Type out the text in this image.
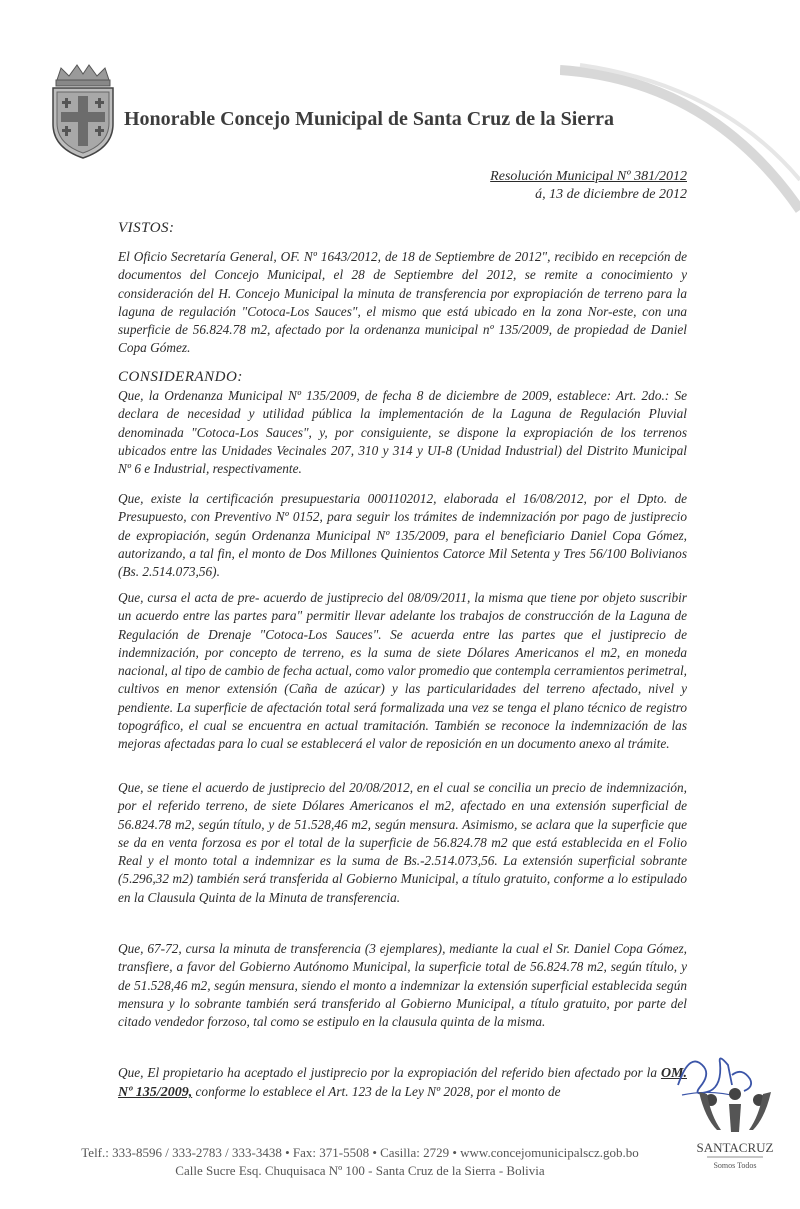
Honorable Concejo Municipal de Santa Cruz de la Sierra
Resolución Municipal Nº 381/2012
á, 13 de diciembre de 2012
VISTOS:

El Oficio Secretaría General, OF. Nº 1643/2012, de 18 de Septiembre de 2012", recibido en recepción de documentos del Concejo Municipal, el 28 de Septiembre del 2012, se remite a conocimiento y consideración del H. Concejo Municipal la minuta de transferencia por expropiación de terreno para la laguna de regulación "Cotoca-Los Sauces", el mismo que está ubicado en la zona Nor-este, con una superficie de 56.824.78 m2, afectado por la ordenanza municipal nº 135/2009, de propiedad de Daniel Copa Gómez.

CONSIDERANDO:

Que, la Ordenanza Municipal Nº 135/2009, de fecha 8 de diciembre de 2009, establece: Art. 2do.: Se declara de necesidad y utilidad pública la implementación de la Laguna de Regulación Pluvial denominada "Cotoca-Los Sauces", y, por consiguiente, se dispone la expropiación de los terrenos ubicados entre las Unidades Vecinales 207, 310 y 314 y UI-8 (Unidad Industrial) del Distrito Municipal Nº 6 e Industrial, respectivamente.

Que, existe la certificación presupuestaria 0001102012, elaborada el 16/08/2012, por el Dpto. de Presupuesto, con Preventivo Nº 0152, para seguir los trámites de indemnización por pago de justiprecio de expropiación, según Ordenanza Municipal Nº 135/2009, para el beneficiario Daniel Copa Gómez, autorizando, a tal fin, el monto de Dos Millones Quinientos Catorce Mil Setenta y Tres 56/100 Bolivianos (Bs. 2.514.073,56).

Que, cursa el acta de pre- acuerdo de justiprecio del 08/09/2011, la misma que tiene por objeto suscribir un acuerdo entre las partes para" permitir llevar adelante los trabajos de construcción de la Laguna de Regulación de Drenaje "Cotoca-Los Sauces". Se acuerda entre las partes que el justiprecio de indemnización, por concepto de terreno, es la suma de siete Dólares Americanos el m2, en moneda nacional, al tipo de cambio de fecha actual, como valor promedio que contempla cerramientos perimetral, cultivos en menor extensión (Caña de azúcar) y las particularidades del terreno afectado, nivel y pendiente. La superficie de afectación total será formalizada una vez se tenga el plano técnico de registro topográfico, el cual se encuentra en actual tramitación. También se reconoce la indemnización de las mejoras afectadas para lo cual se establecerá el valor de reposición en un documento anexo al trámite.

Que, se tiene el acuerdo de justiprecio del 20/08/2012, en el cual se concilia un precio de indemnización, por el referido terreno, de siete Dólares Americanos el m2, afectado en una extensión superficial de 56.824.78 m2, según título, y de 51.528,46 m2, según mensura. Asimismo, se aclara que la superficie que se da en venta forzosa es por el total de la superficie de 56.824.78 m2 que está establecida en el Folio Real y el monto total a indemnizar es la suma de Bs.-2.514.073,56. La extensión superficial sobrante (5.296,32 m2) también será transferida al Gobierno Municipal, a título gratuito, conforme a lo estipulado en la Clausula Quinta de la Minuta de transferencia.

Que, 67-72, cursa la minuta de transferencia (3 ejemplares), mediante la cual el Sr. Daniel Copa Gómez, transfiere, a favor del Gobierno Autónomo Municipal, la superficie total de 56.824.78 m2, según título, y de 51.528,46 m2, según mensura, siendo el monto a indemnizar la extensión superficial establecida según mensura y lo sobrante también será transferido al Gobierno Municipal, a título gratuito, por parte del citado vendedor forzoso, tal como se estipulo en la clausula quinta de la misma.

Que, El propietario ha aceptado el justiprecio por la expropiación del referido bien afectado por la OM. Nº 135/2009, conforme lo establece el Art. 123 de la Ley Nº 2028, por el monto de

SANTACRUZ
Somos Todos
Telf.: 333-8596 / 333-2783 / 333-3438 • Fax: 371-5508 • Casilla: 2729 • www.concejomunicipalscz.gob.bo
Calle Sucre Esq. Chuquisaca Nº 100 - Santa Cruz de la Sierra - Bolivia
